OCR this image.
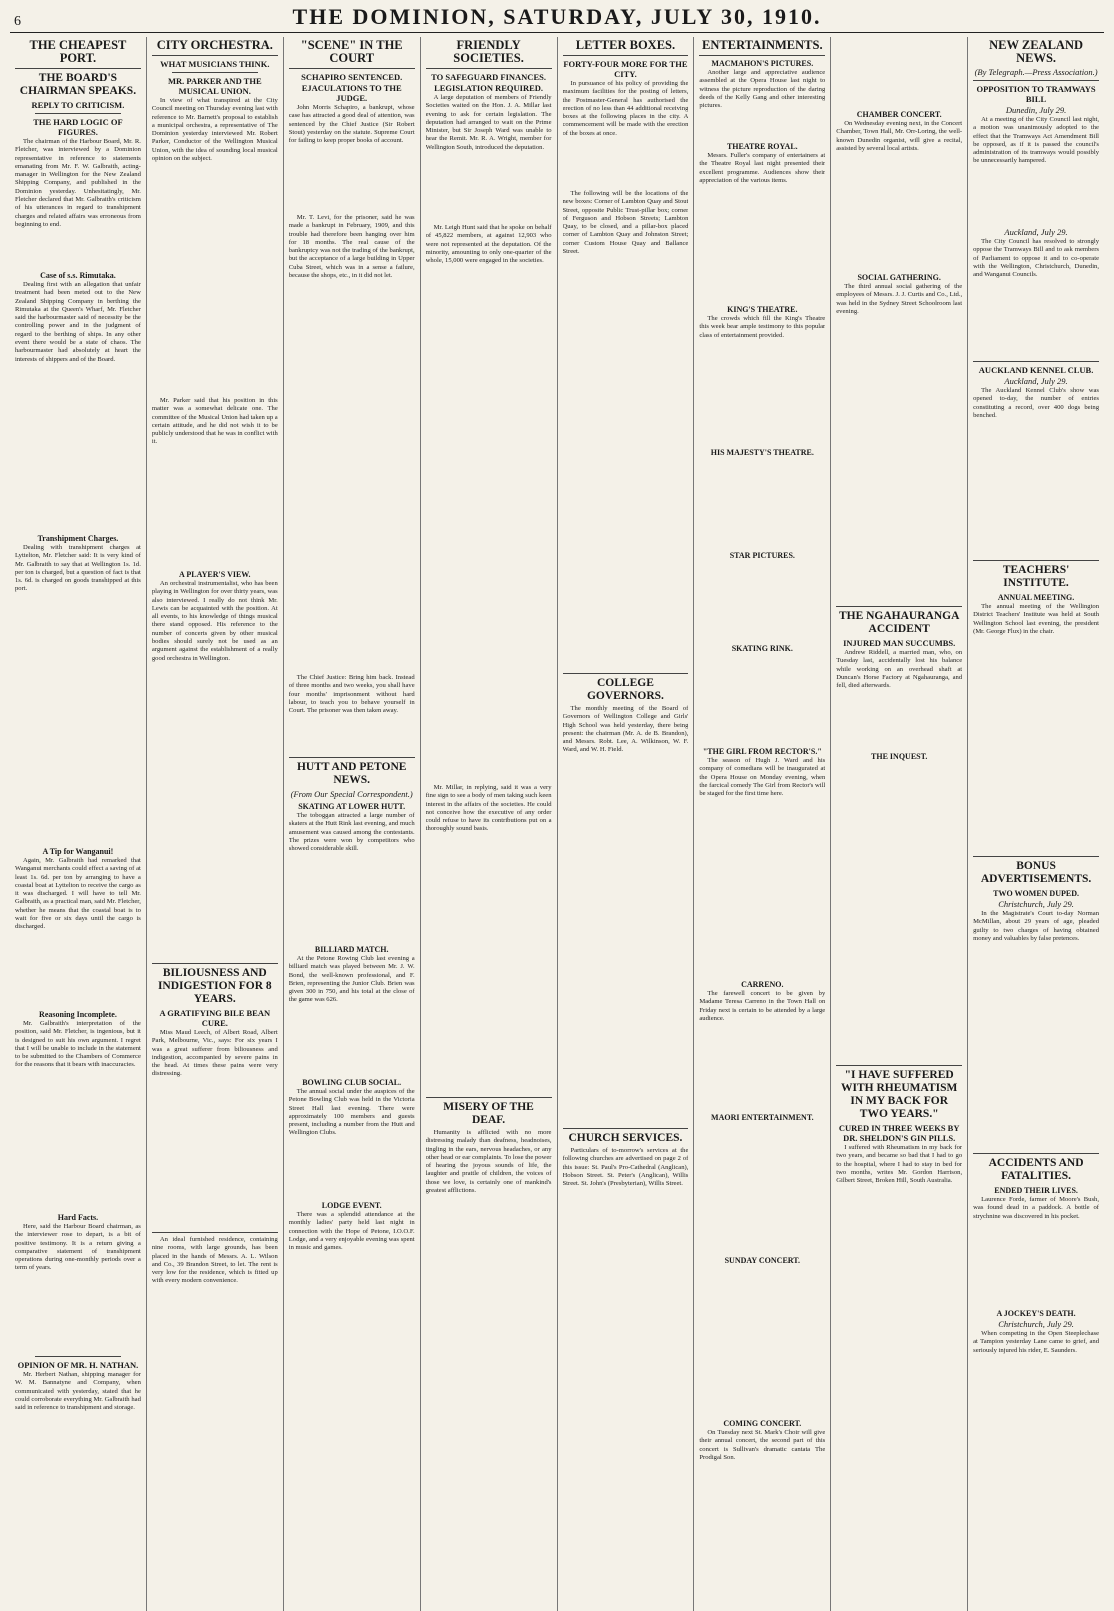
6	THE DOMINION, SATURDAY, JULY 30, 1910.
THE CHEAPEST PORT.
THE BOARD'S CHAIRMAN SPEAKS.
REPLY TO CRITICISM.
THE HARD LOGIC OF FIGURES.

The chairman of the Harbour Board, Mr. R. Fletcher, was interviewed by a Dominion representative in reference to statements emanating from Mr. F. W. Galbraith, acting-manager in Wellington for the New Zealand Shipping Company, and published in the Dominion yesterday. Unhesitatingly, Mr. Fletcher declared that Mr. Galbraith's criticism of his utterances in regard to transhipment charges and related affairs was erroneous from beginning to end.

Case of s.s. Rimutaka.

Dealing first with an allegation that unfair treatment had been meted out to the New Zealand Shipping Company in berthing the Rimutaka at the Queen's Wharf, Mr. Fletcher said the harbourmaster said of necessity be the controlling power and in the judgment of regard to the berthing of ships. In any other event there would be a state of chaos. The harbourmaster had absolutely at heart the interests of shippers and of the Board.

Transhipment Charges.

Dealing with transhipment charges at Lyttelton, Mr. Fletcher said: It is very kind of Mr. Galbraith to say that at Wellington 1s. 1d. per ton is charged, but a question of fact is that 1s. 6d. is charged on goods transhipped at this port.

A Tip for Wanganui!

Again, Mr. Galbraith had remarked that Wanganui merchants could effect a saving of at least 1s. 6d. per ton by arranging to have a coastal boat at Lyttelton to receive the cargo as it was discharged. I will have to tell Mr. Galbraith, as a practical man, said Mr. Fletcher, whether he means that the coastal boat is to wait for five or six days until the cargo is discharged.

Reasoning Incomplete.

Mr. Galbraith's interpretation of the position, said Mr. Fletcher, is ingenious, but it is designed to suit his own argument. I regret that I will be unable to include in the statement to be submitted to the Chambers of Commerce for the reasons that it bears with inaccuracies.

Hard Facts.

Here, said the Harbour Board chairman, as the interviewer rose to depart, is a bit of positive testimony. It is a return giving a comparative statement of transhipment operations during one-monthly periods over a term of years.

OPINION OF MR. H. NATHAN.

Mr. Herbert Nathan, shipping manager for W. M. Bannatyne and Company, when communicated with yesterday, stated that he could corroborate everything Mr. Galbraith had said in reference to transhipment and storage.

CITY ORCHESTRA.
WHAT MUSICIANS THINK.
MR. PARKER AND THE MUSICAL UNION.

In view of what transpired at the City Council meeting on Thursday evening last with reference to Mr. Barnett's proposal to establish a municipal orchestra, a representative of The Dominion yesterday interviewed Mr. Robert Parker, Conductor of the Wellington Musical Union, with the idea of sounding local musical opinion on the subject.

Mr. Parker said that his position in this matter was a somewhat delicate one. The committee of the Musical Union had taken up a certain attitude, and he did not wish it to be publicly understood that he was in conflict with it.

A PLAYER'S VIEW.

An orchestral instrumentalist, who has been playing in Wellington for over thirty years, was also interviewed. I really do not think Mr. Lewis can be acquainted with the position. At all events, to his knowledge of things musical there stand opposed. His reference to the number of concerts given by other musical bodies should surely not be used as an argument against the establishment of a really good orchestra in Wellington.

BILIOUSNESS AND INDIGESTION FOR 8 YEARS.
A GRATIFYING BILE BEAN CURE.

Miss Maud Leech, of Albert Road, Albert Park, Melbourne, Vic., says: For six years I was a great sufferer from biliousness and indigestion, accompanied by severe pains in the head. At times these pains were very distressing.

An ideal furnished residence, containing nine rooms, with large grounds, has been placed in the hands of Messrs. A. L. Wilson and Co., 39 Brandon Street, to let. The rent is very low for the residence, which is fitted up with every modern convenience.

"SCENE" IN THE COURT
SCHAPIRO SENTENCED.
EJACULATIONS TO THE JUDGE.

John Morris Schapiro, a bankrupt, whose case has attracted a good deal of attention, was sentenced by the Chief Justice (Sir Robert Stout) yesterday on the statute. Supreme Court for failing to keep proper books of account.

Mr. T. Levi, for the prisoner, said he was made a bankrupt in February, 1909, and this trouble had therefore been hanging over him for 18 months. The real cause of the bankruptcy was not the trading of the bankrupt, but the acceptance of a large building in Upper Cuba Street, which was in a sense a failure, because the shops, etc., in it did not let.

The Chief Justice: Bring him back. Instead of three months and two weeks, you shall have four months' imprisonment without hard labour, to teach you to behave yourself in Court. The prisoner was then taken away.

HUTT AND PETONE NEWS.
(From Our Special Correspondent.)
SKATING AT LOWER HUTT.

The toboggan attracted a large number of skaters at the Hutt Rink last evening, and much amusement was caused among the contestants. The prizes were won by competitors who showed considerable skill.

BILLIARD MATCH.

At the Petone Rowing Club last evening a billiard match was played between Mr. J. W. Bond, the well-known professional, and F. Brien, representing the Junior Club. Brien was given 300 in 750, and his total at the close of the game was 626.

BOWLING CLUB SOCIAL.

The annual social under the auspices of the Petone Bowling Club was held in the Victoria Street Hall last evening. There were approximately 100 members and guests present, including a number from the Hutt and Wellington Clubs.

LODGE EVENT.

There was a splendid attendance at the monthly ladies' party held last night in connection with the Hope of Petone, I.O.O.F. Lodge, and a very enjoyable evening was spent in music and games.

FRIENDLY SOCIETIES.
TO SAFEGUARD FINANCES.
LEGISLATION REQUIRED.

A large deputation of members of Friendly Societies waited on the Hon. J. A. Millar last evening to ask for certain legislation. The deputation had arranged to wait on the Prime Minister, but Sir Joseph Ward was unable to hear the Remit. Mr. R. A. Wright, member for Wellington South, introduced the deputation.

Mr. Leigh Hunt said that he spoke on behalf of 45,822 members, at against 12,903 who were not represented at the deputation. Of the minority, amounting to only one-quarter of the whole, 15,000 were engaged in the societies.

Mr. Millar, in replying, said it was a very fine sign to see a body of men taking such keen interest in the affairs of the societies. He could not conceive how the executive of any order could refuse to have its contributions put on a thoroughly sound basis.

MISERY OF THE DEAF.

Humanity is afflicted with no more distressing malady than deafness, headnoises, tingling in the ears, nervous headaches, or any other head or ear complaints. To lose the power of hearing the joyous sounds of life, the laughter and prattle of children, the voices of those we love, is certainly one of mankind's greatest afflictions.

LETTER BOXES.
FORTY-FOUR MORE FOR THE CITY.

In pursuance of his policy of providing the maximum facilities for the posting of letters, the Postmaster-General has authorised the erection of no less than 44 additional receiving boxes at the following places in the city. A commencement will be made with the erection of the boxes at once.

The following will be the locations of the new boxes: Corner of Lambton Quay and Stout Street, opposite Public Trust-pillar box; corner of Ferguson and Hobson Streets; Lambton Quay, to be closed, and a pillar-box placed corner of Lambton Quay and Johnston Street; corner Custom House Quay and Ballance Street.

COLLEGE GOVERNORS.

The monthly meeting of the Board of Governors of Wellington College and Girls' High School was held yesterday, there being present: the chairman (Mr. A. de B. Brandon), and Messrs. Robt. Lee, A. Wilkinson, W. F. Ward, and W. H. Field.

CHURCH SERVICES.

Particulars of to-morrow's services at the following churches are advertised on page 2 of this issue: St. Paul's Pro-Cathedral (Anglican), Hobson Street. St. Peter's (Anglican), Willis Street. St. John's (Presbyterian), Willis Street.

ENTERTAINMENTS.
MACMAHON'S PICTURES.

Another large and appreciative audience assembled at the Opera House last night to witness the picture reproduction of the daring deeds of the Kelly Gang and other interesting pictures.

THEATRE ROYAL.

Messrs. Fuller's company of entertainers at the Theatre Royal last night presented their excellent programme. Audiences show their appreciation of the various items.

KING'S THEATRE.

The crowds which fill the King's Theatre this week bear ample testimony to this popular class of entertainment provided.

HIS MAJESTY'S THEATRE.
STAR PICTURES.
SKATING RINK.
"THE GIRL FROM RECTOR'S."

The season of Hugh J. Ward and his company of comedians will be inaugurated at the Opera House on Monday evening, when the farcical comedy The Girl from Rector's will be staged for the first time here.

CARRENO.

The farewell concert to be given by Madame Teresa Carreno in the Town Hall on Friday next is certain to be attended by a large audience.

MAORI ENTERTAINMENT.
SUNDAY CONCERT.
COMING CONCERT.

On Tuesday next St. Mark's Choir will give their annual concert, the second part of this concert is Sullivan's dramatic cantata The Prodigal Son.

CHAMBER CONCERT.

On Wednesday evening next, in the Concert Chamber, Town Hall, Mr. Orr-Loring, the well-known Dunedin organist, will give a recital, assisted by several local artists.

SOCIAL GATHERING.

The third annual social gathering of the employees of Messrs. J. J. Curtis and Co., Ltd., was held in the Sydney Street Schoolroom last evening.

THE NGAHAURANGA ACCIDENT
INJURED MAN SUCCUMBS.

Andrew Riddell, a married man, who, on Tuesday last, accidentally lost his balance while working on an overhead shaft at Duncan's Horse Factory at Ngahauranga, and fell, died afterwards.

THE INQUEST.
"I HAVE SUFFERED WITH RHEUMATISM IN MY BACK FOR TWO YEARS."
CURED IN THREE WEEKS BY DR. SHELDON'S GIN PILLS.

I suffered with Rheumatism in my back for two years, and became so bad that I had to go to the hospital, where I had to stay in bed for two months, writes Mr. Gordon Harrison, Gilbert Street, Broken Hill, South Australia.

NEW ZEALAND NEWS.
(By Telegraph.—Press Association.)
OPPOSITION TO TRAMWAYS BILL
Dunedin, July 29.

At a meeting of the City Council last night, a motion was unanimously adopted to the effect that the Tramways Act Amendment Bill be opposed, as if it is passed the council's administration of its tramways would possibly be unnecessarily hampered.

Auckland, July 29.

The City Council has resolved to strongly oppose the Tramways Bill and to ask members of Parliament to oppose it and to co-operate with the Wellington, Christchurch, Dunedin, and Wanganui Councils.

AUCKLAND KENNEL CLUB.
Auckland, July 29.

The Auckland Kennel Club's show was opened to-day, the number of entries constituting a record, over 400 dogs being benched.

TEACHERS' INSTITUTE.
ANNUAL MEETING.

The annual meeting of the Wellington District Teachers' Institute was held at South Wellington School last evening, the president (Mr. George Flux) in the chair.

BONUS ADVERTISEMENTS.
TWO WOMEN DUPED.
Christchurch, July 29.

In the Magistrate's Court to-day Norman McMillan, about 29 years of age, pleaded guilty to two charges of having obtained money and valuables by false pretences.

ACCIDENTS AND FATALITIES.
ENDED THEIR LIVES.

Laurence Forde, farmer of Moore's Bush, was found dead in a paddock. A bottle of strychnine was discovered in his pocket.

A JOCKEY'S DEATH.
Christchurch, July 29.

When competing in the Open Steeplechase at Tampion yesterday Lane came to grief, and seriously injured his rider, E. Saunders.
